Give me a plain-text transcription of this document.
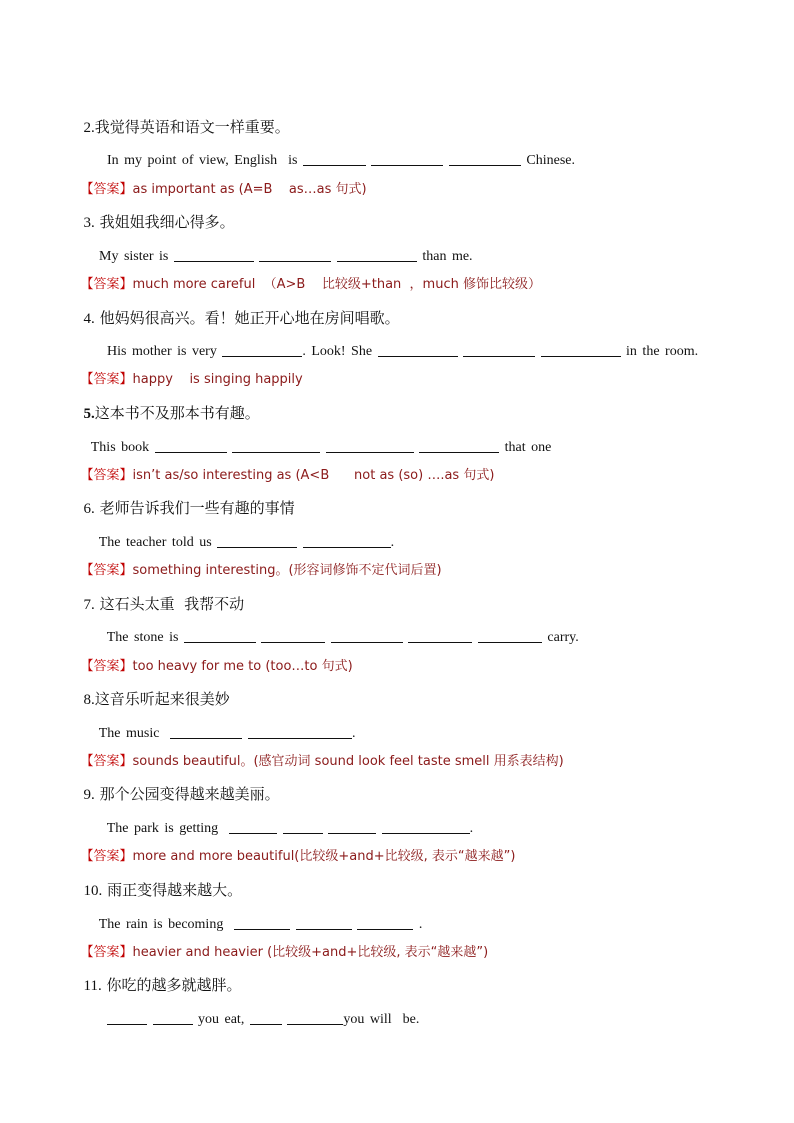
2.我觉得英语和语文一样重要。

In my point of view, English  is	Chinese.

【答案】as important as (A=B    as…as 句式)

3. 我姐姐我细心得多。

My sister is	than me.

【答案】much more careful  （A>B    比较级+than  ，much 修饰比较级）

4. 他妈妈很高兴。看！她正开心地在房间唱歌。

His mother is very	. Look! She	in the room.

【答案】happy    is singing happily

5.这本书不及那本书有趣。

This book	that one

【答案】isn’t as/so interesting as (A<B      not as (so) ….as 句式)

6. 老师告诉我们一些有趣的事情

The teacher told us	.

【答案】something interesting。(形容词修饰不定代词后置)

7. 这石头太重  我帮不动

The stone is	carry.

【答案】too heavy for me to (too…to 句式)

8.这音乐听起来很美妙

The music	.

【答案】sounds beautiful。(感官动词 sound look feel taste smell 用系表结构)

9. 那个公园变得越来越美丽。

The park is getting	.

【答案】more and more beautiful(比较级+and+比较级, 表示“越来越”)

10. 雨正变得越来越大。

The rain is becoming	.

【答案】heavier and heavier (比较级+and+比较级, 表示“越来越”)

11. 你吃的越多就越胖。

you eat,	you will  be.
